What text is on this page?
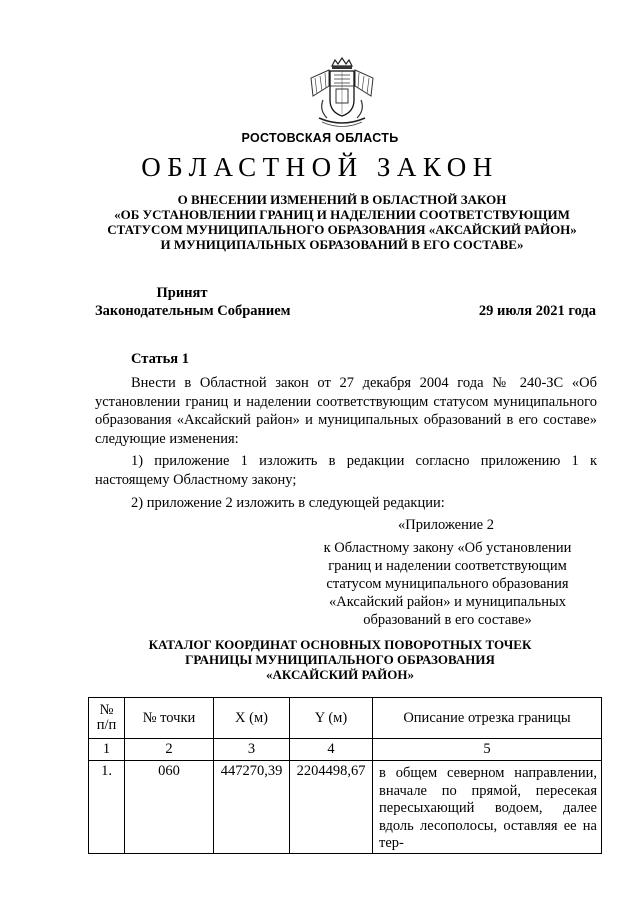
РОСТОВСКАЯ ОБЛАСТЬ
ОБЛАСТНОЙ ЗАКОН
О ВНЕСЕНИИ ИЗМЕНЕНИЙ В ОБЛАСТНОЙ ЗАКОН
«ОБ УСТАНОВЛЕНИИ ГРАНИЦ И НАДЕЛЕНИИ СООТВЕТСТВУЮЩИМ
СТАТУСОМ МУНИЦИПАЛЬНОГО ОБРАЗОВАНИЯ «АКСАЙСКИЙ РАЙОН»
И МУНИЦИПАЛЬНЫХ ОБРАЗОВАНИЙ В ЕГО СОСТАВЕ»
Принят
Законодательным Собранием	29 июля 2021 года
Статья 1
Внести в Областной закон от 27 декабря 2004 года № 240-ЗС «Об установлении границ и наделении соответствующим статусом муниципального образования «Аксайский район» и муниципальных образований в его составе» следующие изменения:
1) приложение 1 изложить в редакции согласно приложению 1 к настоящему Областному закону;
2) приложение 2 изложить в следующей редакции:
«Приложение 2
к Областному закону «Об установлении
границ и наделении соответствующим
статусом муниципального образования
«Аксайский район» и муниципальных
образований в его составе»
КАТАЛОГ КООРДИНАТ ОСНОВНЫХ ПОВОРОТНЫХ ТОЧЕК
ГРАНИЦЫ МУНИЦИПАЛЬНОГО ОБРАЗОВАНИЯ
«АКСАЙСКИЙ РАЙОН»
№
п/п	№ точки	X (м)	Y (м)	Описание отрезка границы
1	2	3	4	5
1.	060	447270,39	2204498,67	в общем северном направлении, вначале по прямой, пересекая пересыхающий водоем, далее вдоль лесополосы, оставляя ее на тер-
